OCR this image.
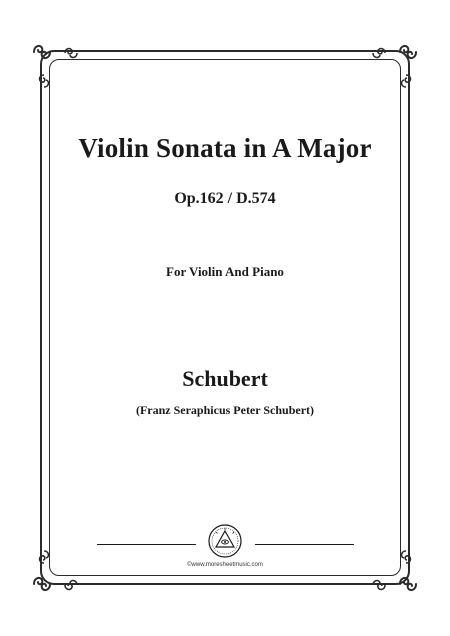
Violin Sonata in A Major
Op.162 / D.574
For Violin And Piano
Schubert
(Franz Seraphicus Peter Schubert)
©www.moresheetmusic.com
